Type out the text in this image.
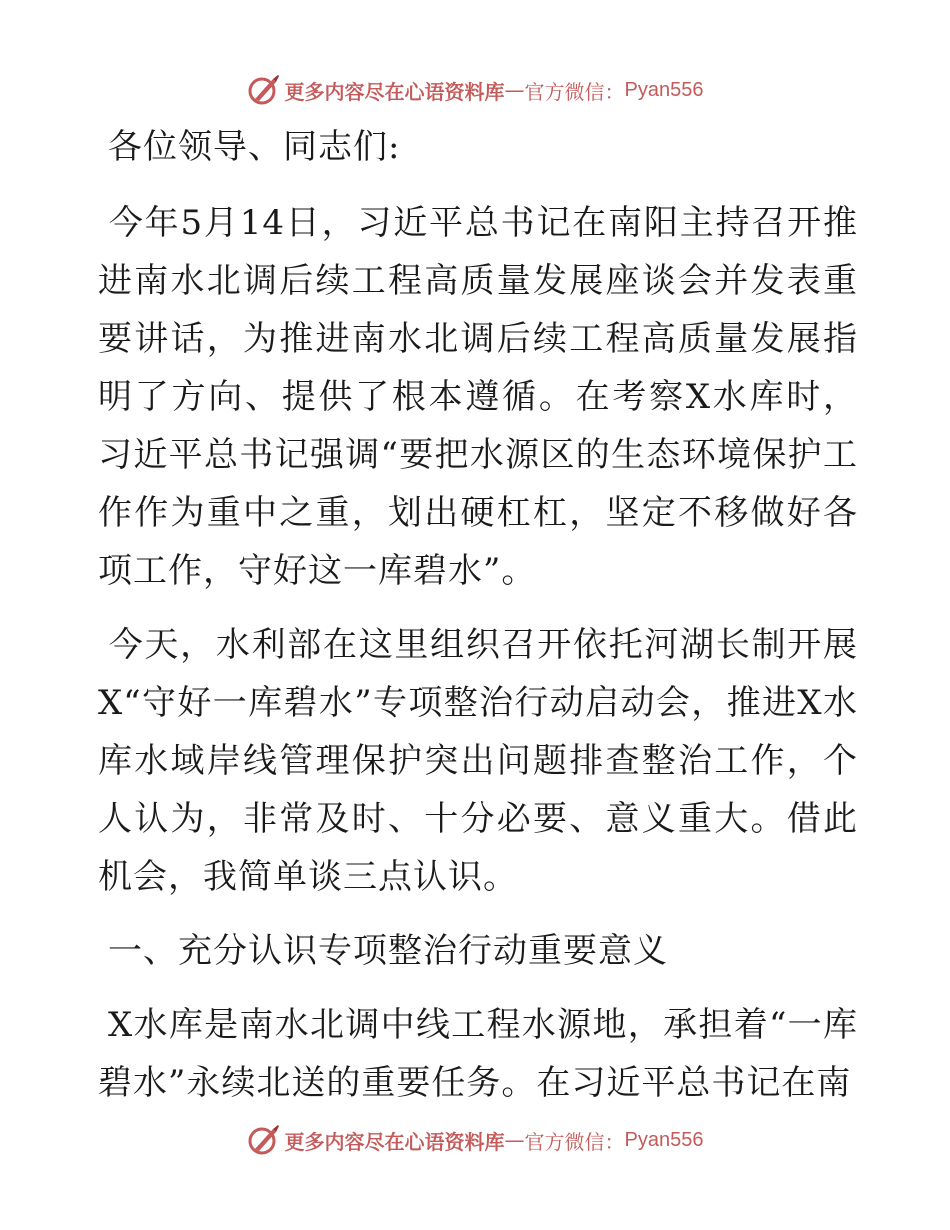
更多内容尽在心语资料库 — 官方微信： Pyan556

各位领导、同志们:

今年5月14日，习近平总书记在南阳主持召开推进南水北调后续工程高质量发展座谈会并发表重要讲话，为推进南水北调后续工程高质量发展指明了方向、提供了根本遵循。在考察X水库时，习近平总书记强调“要把水源区的生态环境保护工作作为重中之重，划出硬杠杠，坚定不移做好各项工作，守好这一库碧水”。

今天，水利部在这里组织召开依托河湖长制开展X“守好一库碧水”专项整治行动启动会，推进X水库水域岸线管理保护突出问题排查整治工作，个人认为，非常及时、十分必要、意义重大。借此机会，我简单谈三点认识。

一、充分认识专项整治行动重要意义

X水库是南水北调中线工程水源地，承担着“一库碧水”永续北送的重要任务。在习近平总书记在南

更多内容尽在心语资料库 — 官方微信： Pyan556
